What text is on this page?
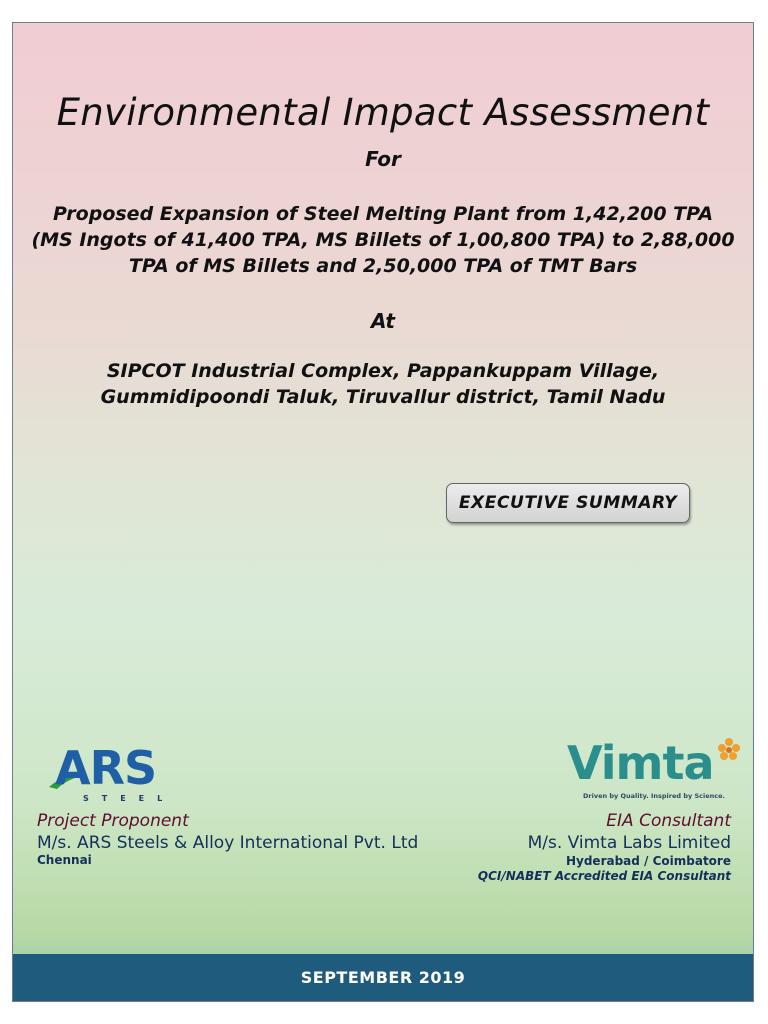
Environmental Impact Assessment
For
Proposed Expansion of Steel Melting Plant from 1,42,200 TPA
(MS Ingots of 41,400 TPA, MS Billets of 1,00,800 TPA) to 2,88,000
TPA of MS Billets and 2,50,000 TPA of TMT Bars
At
SIPCOT Industrial Complex, Pappankuppam Village,
Gummidipoondi Taluk, Tiruvallur district, Tamil Nadu
EXECUTIVE SUMMARY
ARS
STEEL
Project Proponent
M/s. ARS Steels & Alloy International Pvt. Ltd
Chennai
Vimta
Driven by Quality. Inspired by Science.
EIA Consultant
M/s. Vimta Labs Limited
Hyderabad / Coimbatore
QCI/NABET Accredited EIA Consultant
SEPTEMBER 2019
